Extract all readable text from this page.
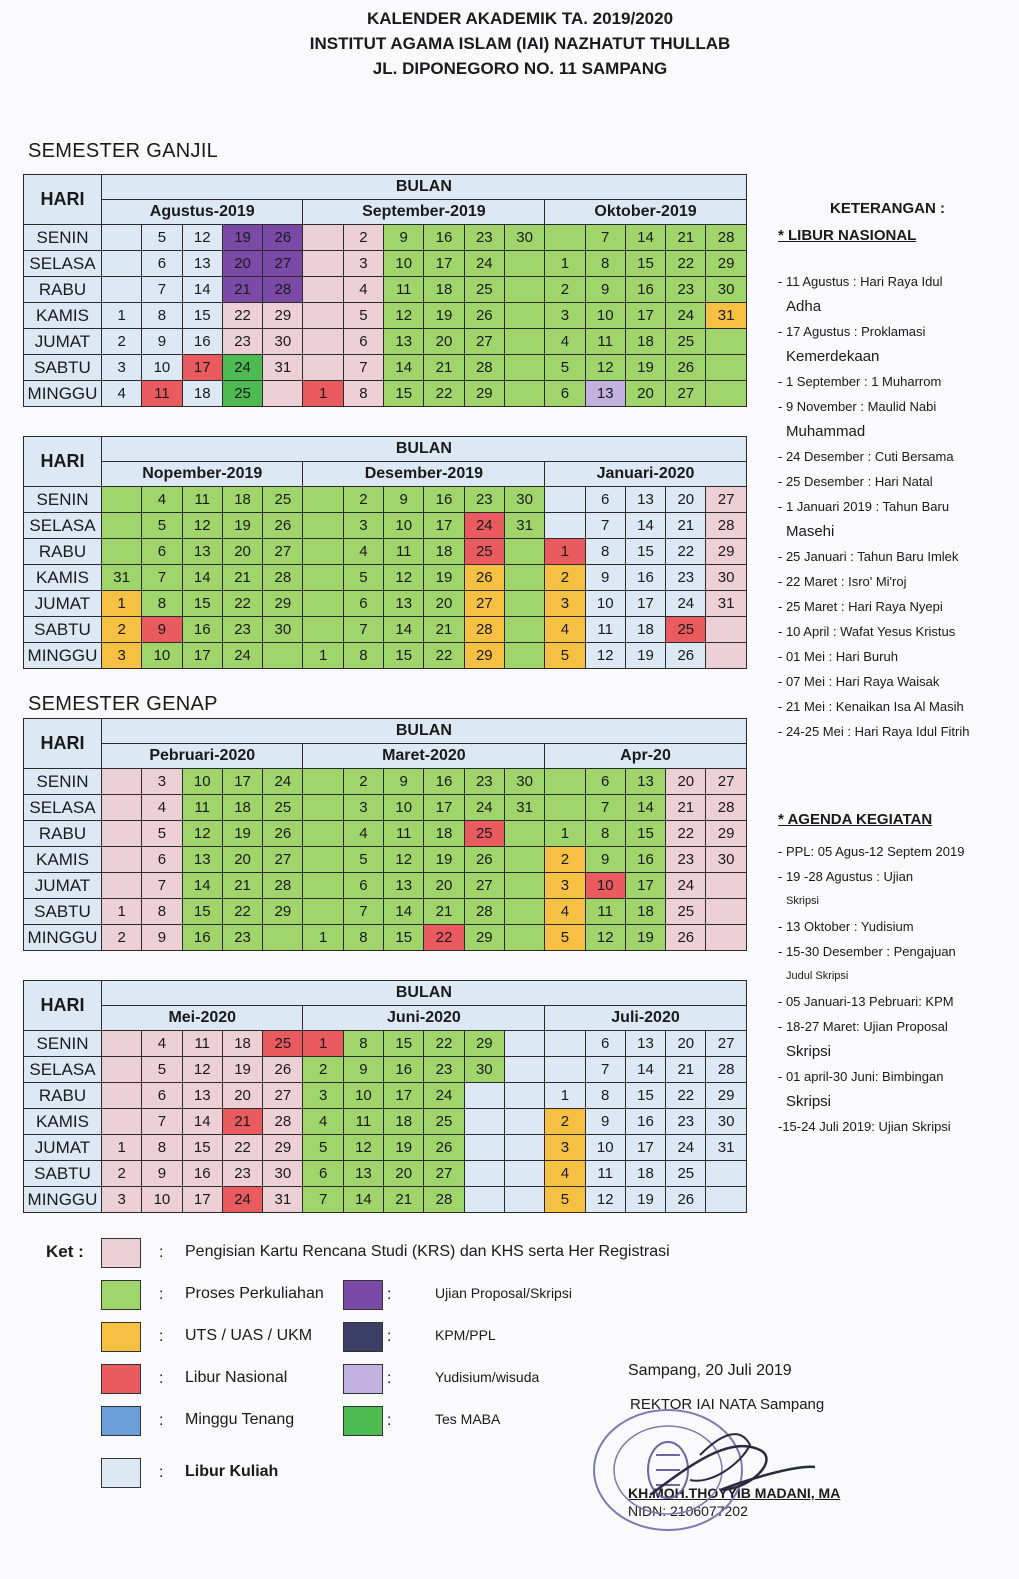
KALENDER AKADEMIK TA. 2019/2020
INSTITUT AGAMA ISLAM (IAI) NAZHATUT THULLAB
JL. DIPONEGORO NO. 11 SAMPANG
SEMESTER GANJIL
SEMESTER GENAP
HARI	BULAN															
	Agustus-2019					September-2019						Oktober-2019				
SENIN		5	12	19	26		2	9	16	23	30		7	14	21	28
SELASA		6	13	20	27		3	10	17	24		1	8	15	22	29
RABU		7	14	21	28		4	11	18	25		2	9	16	23	30
KAMIS	1	8	15	22	29		5	12	19	26		3	10	17	24	31
JUMAT	2	9	16	23	30		6	13	20	27		4	11	18	25	
SABTU	3	10	17	24	31		7	14	21	28		5	12	19	26	
MINGGU	4	11	18	25		1	8	15	22	29		6	13	20	27	
HARI	BULAN															
	Nopember-2019					Desember-2019						Januari-2020				
SENIN		4	11	18	25		2	9	16	23	30		6	13	20	27
SELASA		5	12	19	26		3	10	17	24	31		7	14	21	28
RABU		6	13	20	27		4	11	18	25		1	8	15	22	29
KAMIS	31	7	14	21	28		5	12	19	26		2	9	16	23	30
JUMAT	1	8	15	22	29		6	13	20	27		3	10	17	24	31
SABTU	2	9	16	23	30		7	14	21	28		4	11	18	25	
MINGGU	3	10	17	24		1	8	15	22	29		5	12	19	26	
HARI	BULAN															
	Pebruari-2020					Maret-2020						Apr-20				
SENIN		3	10	17	24		2	9	16	23	30		6	13	20	27
SELASA		4	11	18	25		3	10	17	24	31		7	14	21	28
RABU		5	12	19	26		4	11	18	25		1	8	15	22	29
KAMIS		6	13	20	27		5	12	19	26		2	9	16	23	30
JUMAT		7	14	21	28		6	13	20	27		3	10	17	24	
SABTU	1	8	15	22	29		7	14	21	28		4	11	18	25	
MINGGU	2	9	16	23		1	8	15	22	29		5	12	19	26	
HARI	BULAN															
	Mei-2020					Juni-2020						Juli-2020				
SENIN		4	11	18	25	1	8	15	22	29			6	13	20	27
SELASA		5	12	19	26	2	9	16	23	30			7	14	21	28
RABU		6	13	20	27	3	10	17	24			1	8	15	22	29
KAMIS		7	14	21	28	4	11	18	25			2	9	16	23	30
JUMAT	1	8	15	22	29	5	12	19	26			3	10	17	24	31
SABTU	2	9	16	23	30	6	13	20	27			4	11	18	25	
MINGGU	3	10	17	24	31	7	14	21	28			5	12	19	26	
KETERANGAN :
* LIBUR NASIONAL
- 11 Agustus : Hari Raya Idul
Adha
- 17 Agustus : Proklamasi
Kemerdekaan
- 1 September : 1 Muharrom
- 9 November : Maulid Nabi
Muhammad
- 24 Desember : Cuti Bersama
- 25 Desember : Hari Natal
- 1 Januari 2019 : Tahun Baru
Masehi
- 25 Januari : Tahun Baru Imlek
- 22 Maret : Isro' Mi'roj
- 25 Maret : Hari Raya Nyepi
- 10 April : Wafat Yesus Kristus
- 01 Mei : Hari Buruh
- 07 Mei : Hari Raya Waisak
- 21 Mei : Kenaikan Isa Al Masih
- 24-25 Mei : Hari Raya Idul Fitrih
* AGENDA KEGIATAN
- PPL: 05 Agus-12 Septem 2019
- 19 -28 Agustus : Ujian
Skripsi
- 13 Oktober : Yudisium
- 15-30 Desember : Pengajuan
Judul Skripsi
- 05 Januari-13 Pebruari: KPM
- 18-27 Maret: Ujian Proposal
Skripsi
- 01 april-30 Juni: Bimbingan
Skripsi
-15-24 Juli 2019: Ujian Skripsi
Ket :	: Pengisian Kartu Rencana Studi (KRS) dan KHS serta Her Registrasi
: Proses Perkuliahan
: UTS / UAS / UKM
: Libur Nasional
: Minggu Tenang
: Libur Kuliah
:	Ujian Proposal/Skripsi
:	KPM/PPL
:	Yudisium/wisuda
:	Tes MABA
Sampang, 20 Juli 2019
REKTOR IAI NATA Sampang
KH.MOH.THOYYIB MADANI, MA
NIDN: 2106077202
